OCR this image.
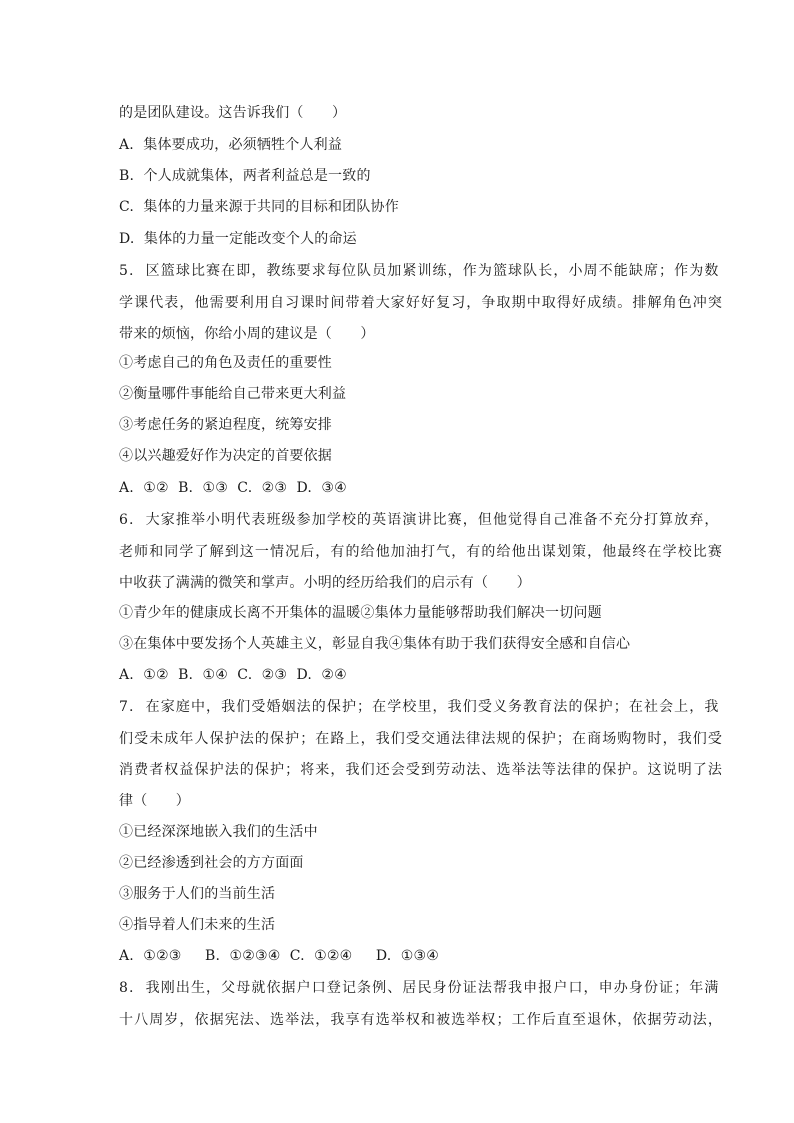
的是团队建设。这告诉我们（　　）
A.  集体要成功，必须牺牲个人利益
B.  个人成就集体，两者利益总是一致的
C.  集体的力量来源于共同的目标和团队协作
D.  集体的力量一定能改变个人的命运
5.  区篮球比赛在即，教练要求每位队员加紧训练，作为篮球队长，小周不能缺席；作为数
学课代表，他需要利用自习课时间带着大家好好复习，争取期中取得好成绩。排解角色冲突
带来的烦恼，你给小周的建议是（　　）
①考虑自己的角色及责任的重要性
②衡量哪件事能给自己带来更大利益
③考虑任务的紧迫程度，统筹安排
④以兴趣爱好作为决定的首要依据
A.  ①②  B.  ①③  C.  ②③  D.  ③④
6.  大家推举小明代表班级参加学校的英语演讲比赛，但他觉得自己准备不充分打算放弃，
老师和同学了解到这一情况后，有的给他加油打气，有的给他出谋划策，他最终在学校比赛
中收获了满满的微笑和掌声。小明的经历给我们的启示有（　　）
①青少年的健康成长离不开集体的温暖②集体力量能够帮助我们解决一切问题
③在集体中要发扬个人英雄主义，彰显自我④集体有助于我们获得安全感和自信心
A.  ①②  B.  ①④  C.  ②③  D.  ②④
7.  在家庭中，我们受婚姻法的保护；在学校里，我们受义务教育法的保护；在社会上，我
们受未成年人保护法的保护；在路上，我们受交通法律法规的保护；在商场购物时，我们受
消费者权益保护法的保护；将来，我们还会受到劳动法、选举法等法律的保护。这说明了法
律（　　）
①已经深深地嵌入我们的生活中
②已经渗透到社会的方方面面
③服务于人们的当前生活
④指导着人们未来的生活
A.  ①②③　  B.  ①②③④  C.  ①②④　  D.  ①③④
8.  我刚出生，父母就依据户口登记条例、居民身份证法帮我申报户口，申办身份证；年满
十八周岁，依据宪法、选举法，我享有选举权和被选举权；工作后直至退休，依据劳动法，
